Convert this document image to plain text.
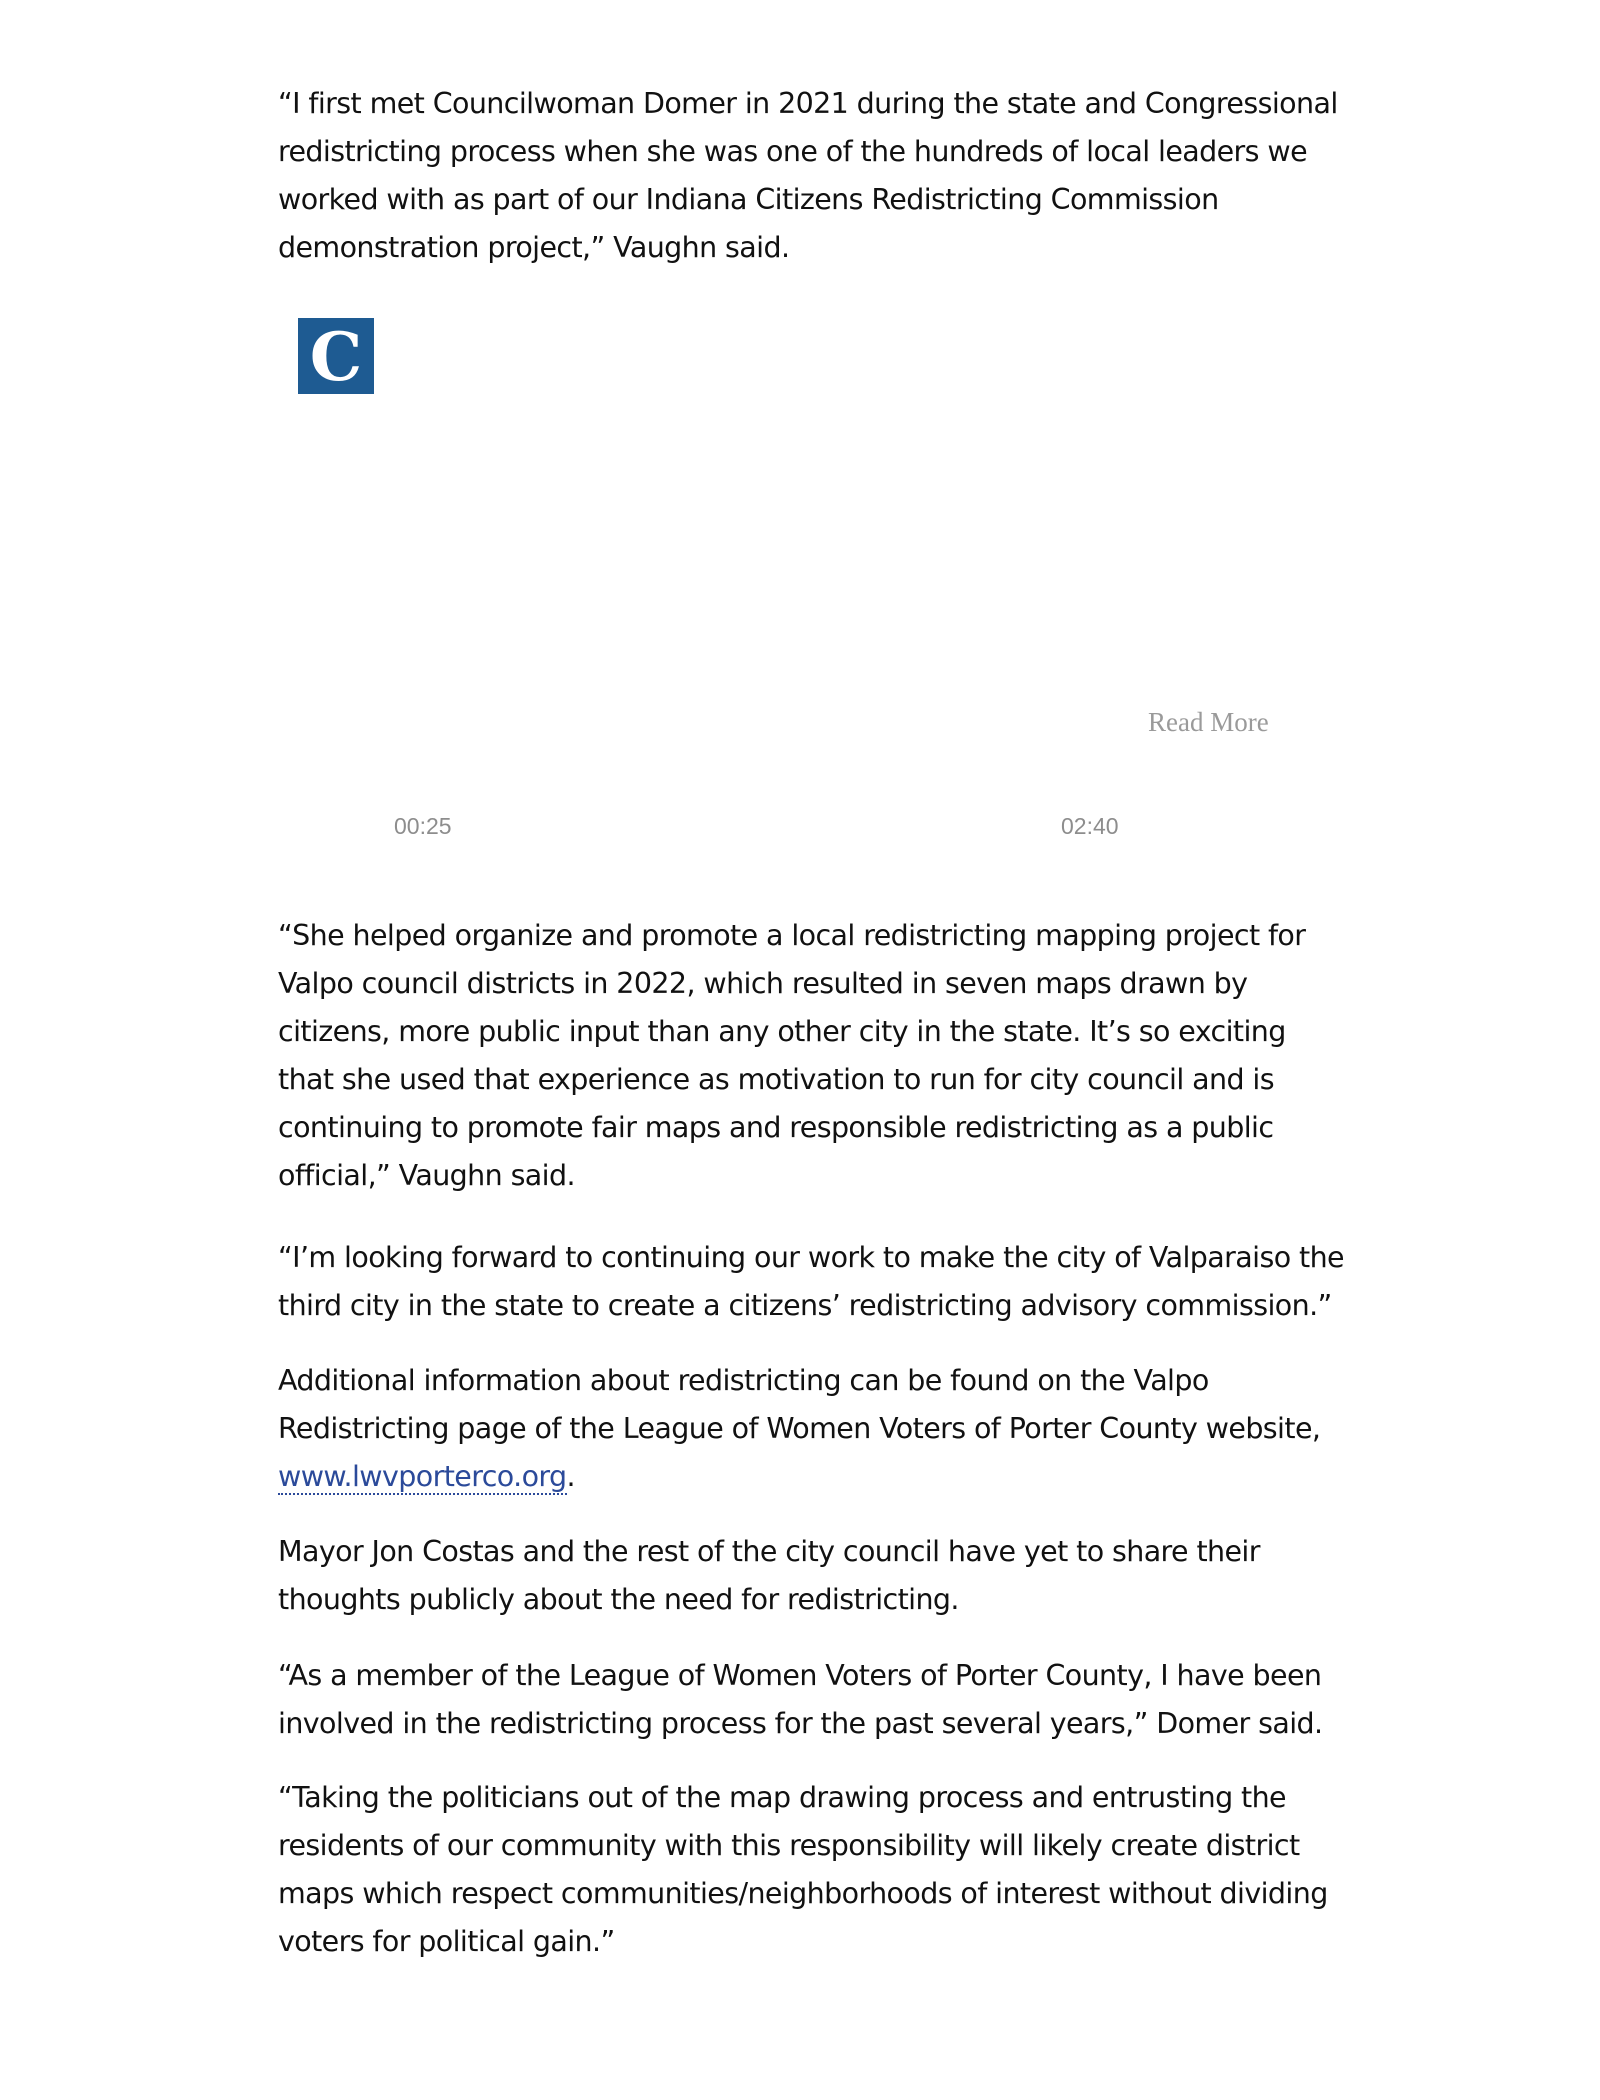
“I first met Councilwoman Domer in 2021 during the state and Congressional redistricting process when she was one of the hundreds of local leaders we worked with as part of our Indiana Citizens Redistricting Commission demonstration project,” Vaughn said.

C
Read More
00:25	02:40

“She helped organize and promote a local redistricting mapping project for Valpo council districts in 2022, which resulted in seven maps drawn by citizens, more public input than any other city in the state. It’s so exciting that she used that experience as motivation to run for city council and is continuing to promote fair maps and responsible redistricting as a public official,” Vaughn said.

“I’m looking forward to continuing our work to make the city of Valparaiso the third city in the state to create a citizens’ redistricting advisory commission.”

Additional information about redistricting can be found on the Valpo Redistricting page of the League of Women Voters of Porter County website, www.lwvporterco.org.

Mayor Jon Costas and the rest of the city council have yet to share their thoughts publicly about the need for redistricting.

“As a member of the League of Women Voters of Porter County, I have been involved in the redistricting process for the past several years,” Domer said.

“Taking the politicians out of the map drawing process and entrusting the residents of our community with this responsibility will likely create district maps which respect communities/neighborhoods of interest without dividing voters for political gain.”
